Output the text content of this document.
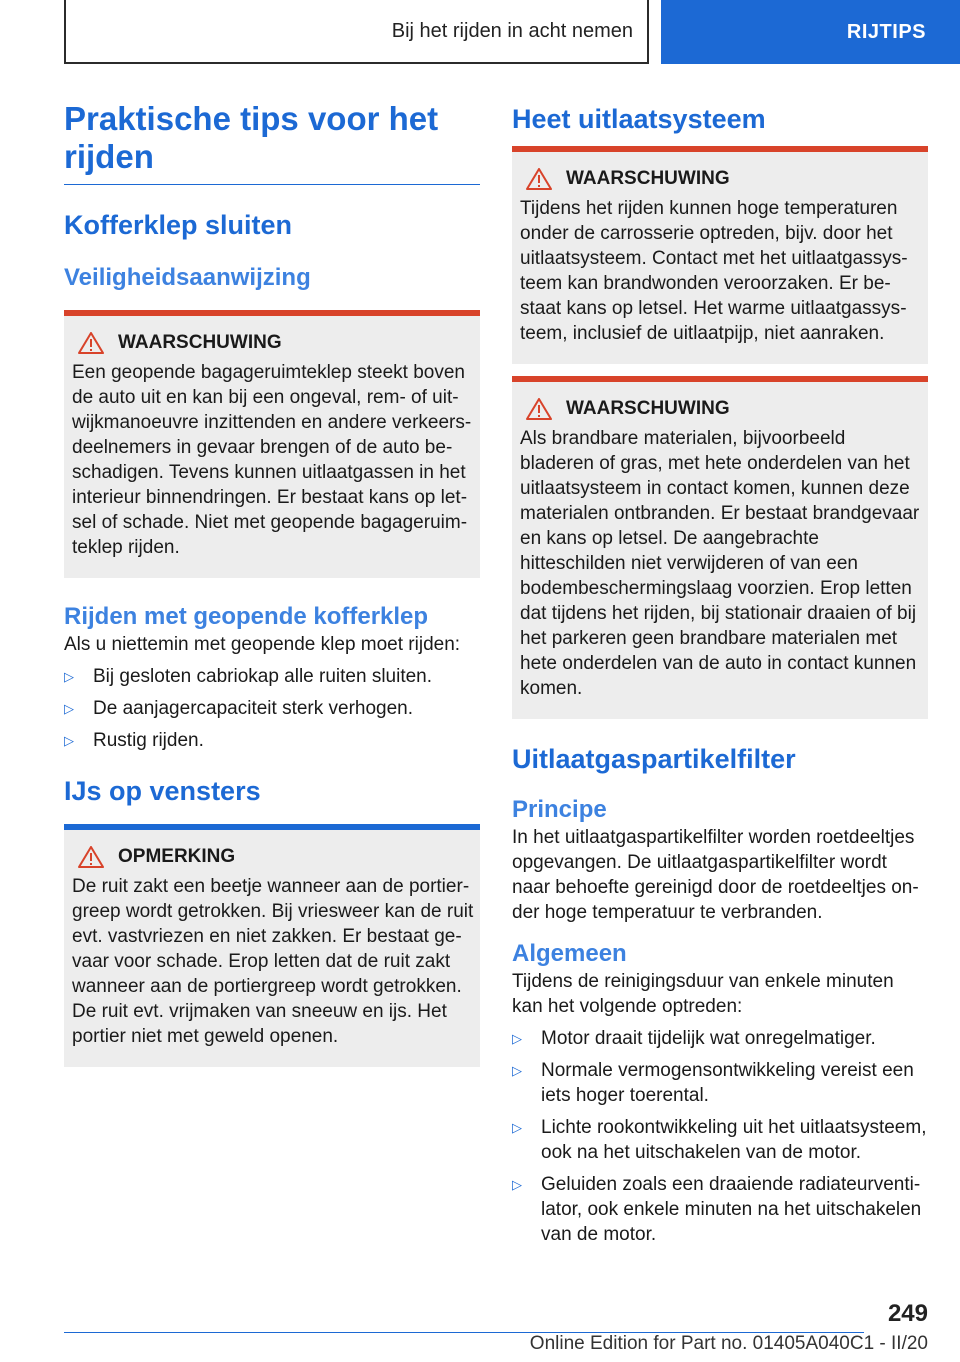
Bij het rijden in acht nemen	RIJTIPS
Praktische tips voor het rijden
Kofferklep sluiten
Veiligheidsaanwijzing
WAARSCHUWING

Een geopende bagageruimteklep steekt boven de auto uit en kan bij een ongeval, rem- of uitwijkmanoeuvre inzittenden en andere verkeersdeelnemers in gevaar brengen of de auto beschadigen. Tevens kunnen uitlaatgassen in het interieur binnendringen. Er bestaat kans op letsel of schade. Niet met geopende bagageruimteklep rijden.

Rijden met geopende kofferklep

Als u niettemin met geopende klep moet rijden:

▷ Bij gesloten cabriokap alle ruiten sluiten.
▷ De aanjagercapaciteit sterk verhogen.
▷ Rustig rijden.
IJs op vensters
OPMERKING

De ruit zakt een beetje wanneer aan de portiergreep wordt getrokken. Bij vriesweer kan de ruit evt. vastvriezen en niet zakken. Er bestaat gevaar voor schade. Erop letten dat de ruit zakt wanneer aan de portiergreep wordt getrokken. De ruit evt. vrijmaken van sneeuw en ijs. Het portier niet met geweld openen.

Heet uitlaatsysteem
WAARSCHUWING

Tijdens het rijden kunnen hoge temperaturen onder de carrosserie optreden, bijv. door het uitlaatsysteem. Contact met het uitlaatgassysteem kan brandwonden veroorzaken. Er bestaat kans op letsel. Het warme uitlaatgassysteem, inclusief de uitlaatpijp, niet aanraken.

WAARSCHUWING

Als brandbare materialen, bijvoorbeeld bladeren of gras, met hete onderdelen van het uitlaatsysteem in contact komen, kunnen deze materialen ontbranden. Er bestaat brandgevaar en kans op letsel. De aangebrachte hitteschilden niet verwijderen of van een bodembeschermingslaag voorzien. Erop letten dat tijdens het rijden, bij stationair draaien of bij het parkeren geen brandbare materialen met hete onderdelen van de auto in contact kunnen komen.

Uitlaatgaspartikelfilter
Principe

In het uitlaatgaspartikelfilter worden roetdeeltjes opgevangen. De uitlaatgaspartikelfilter wordt naar behoefte gereinigd door de roetdeeltjes onder hoge temperatuur te verbranden.

Algemeen

Tijdens de reinigingsduur van enkele minuten kan het volgende optreden:

▷ Motor draait tijdelijk wat onregelmatiger.
▷ Normale vermogensontwikkeling vereist een iets hoger toerental.
▷ Lichte rookontwikkeling uit het uitlaatsysteem, ook na het uitschakelen van de motor.
▷ Geluiden zoals een draaiende radiateurventilator, ook enkele minuten na het uitschakelen van de motor.
249
Online Edition for Part no. 01405A040C1 - II/20
